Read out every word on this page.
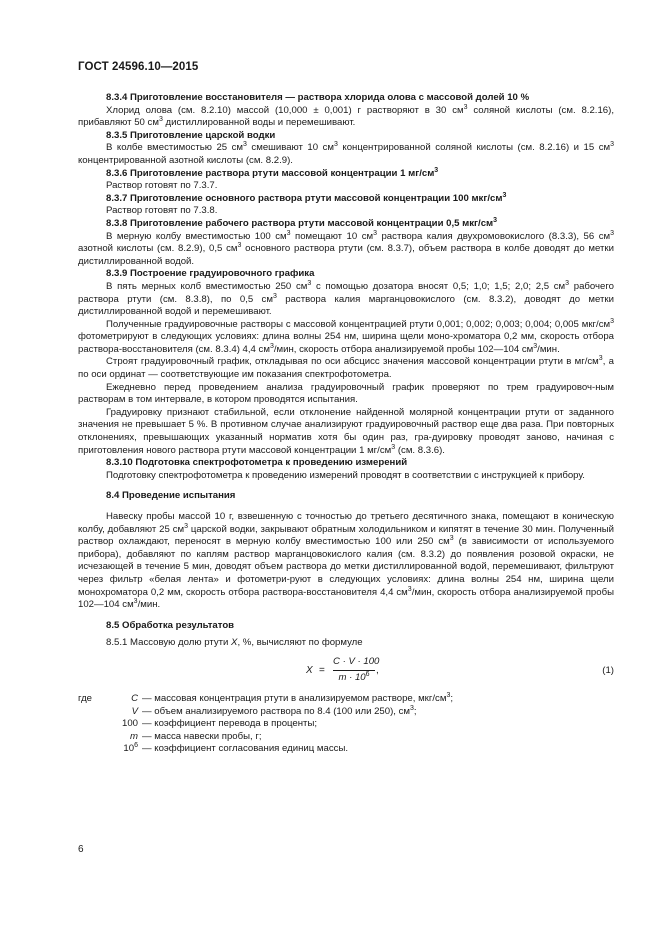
ГОСТ 24596.10—2015

8.3.4 Приготовление восстановителя — раствора хлорида олова с массовой долей 10 %

Хлорид олова (см. 8.2.10) массой (10,000 ± 0,001) г растворяют в 30 $см^3$ соляной кислоты (см. 8.2.16), прибавляют 50 $см^3$ дистиллированной воды и перемешивают.

8.3.5 Приготовление царской водки

В колбе вместимостью 25 $см^3$ смешивают 10 $см^3$ концентрированной соляной кислоты (см. 8.2.16) и 15 $см^3$ концентрированной азотной кислоты (см. 8.2.9).

8.3.6 Приготовление раствора ртути массовой концентрации 1 $мг/см^3$

Раствор готовят по 7.3.7.

8.3.7 Приготовление основного раствора ртути массовой концентрации 100 мкг/$см^3$

Раствор готовят по 7.3.8.

8.3.8 Приготовление рабочего раствора ртути массовой концентрации 0,5 мкг/$см^3$

В мерную колбу вместимостью 100 $см^3$ помещают 10 $см^3$ раствора калия двухромовокислого (8.3.3), 56 $см^3$ азотной кислоты (см. 8.2.9), 0,5 $см^3$ основного раствора ртути (см. 8.3.7), объем раствора в колбе доводят до метки дистиллированной водой.

8.3.9 Построение градуировочного графика

В пять мерных колб вместимостью 250 $см^3$ с помощью дозатора вносят 0,5; 1,0; 1,5; 2,0; 2,5 $см^3$ рабочего раствора ртути (см. 8.3.8), по 0,5 $см^3$ раствора калия марганцовокислого (см. 8.3.2), доводят до метки дистиллированной водой и перемешивают.

Полученные градуировочные растворы с массовой концентрацией ртути 0,001; 0,002; 0,003; 0,004; 0,005 мкг/$см^3$ фотометрируют в следующих условиях: длина волны 254 нм, ширина щели моно-хроматора 0,2 мм, скорость отбора раствора-восстановителя (см. 8.3.4) 4,4 $см^3$/мин, скорость отбора анализируемой пробы 102—104 $см^3$/мин.

Строят градуировочный график, откладывая по оси абсцисс значения массовой концентрации ртути в $мг/см^3$, а по оси ординат — соответствующие им показания спектрофотометра.

Ежедневно перед проведением анализа градуировочный график проверяют по трем градуировоч-ным растворам в том интервале, в котором проводятся испытания.

Градуировку признают стабильной, если отклонение найденной молярной концентрации ртути от заданного значения не превышает 5 %. В противном случае анализируют градуировочный раствор еще два раза. При повторных отклонениях, превышающих указанный норматив хотя бы один раз, гра-дуировку проводят заново, начиная с приготовления нового раствора ртути массовой концентрации 1 $мг/см^3$ (см. 8.3.6).

8.3.10 Подготовка спектрофотометра к проведению измерений

Подготовку спектрофотометра к проведению измерений проводят в соответствии с инструкцией к прибору.

8.4 Проведение испытания

Навеску пробы массой 10 г, взвешенную с точностью до третьего десятичного знака, помещают в коническую колбу, добавляют 25 $см^3$ царской водки, закрывают обратным холодильником и кипятят в течение 30 мин. Полученный раствор охлаждают, переносят в мерную колбу вместимостью 100 или 250 $см^3$ (в зависимости от используемого прибора), добавляют по каплям раствор марганцовокислого калия (см. 8.3.2) до появления розовой окраски, не исчезающей в течение 5 мин, доводят объем раствора до метки дистиллированной водой, перемешивают, фильтруют через фильтр «белая лента» и фотометри-руют в следующих условиях: длина волны 254 нм, ширина щели монохроматора 0,2 мм, скорость отбора раствора-восстановителя 4,4 $см^3$/мин, скорость отбора анализируемой пробы 102—104 $см^3$/мин.

8.5 Обработка результатов

8.5.1 Массовую долю ртути X, %, вычисляют по формуле

$X = \frac{C \cdot V \cdot 100}{m \cdot 10^6}$ ,	(1)
где	C — массовая концентрация ртути в анализируемом растворе, мкг/$см^3$;
V — объем анализируемого раствора по 8.4 (100 или 250), $см^3$;
100 — коэффициент перевода в проценты;
m — масса навески пробы, г;
$10^6$ — коэффициент согласования единиц массы.
6
